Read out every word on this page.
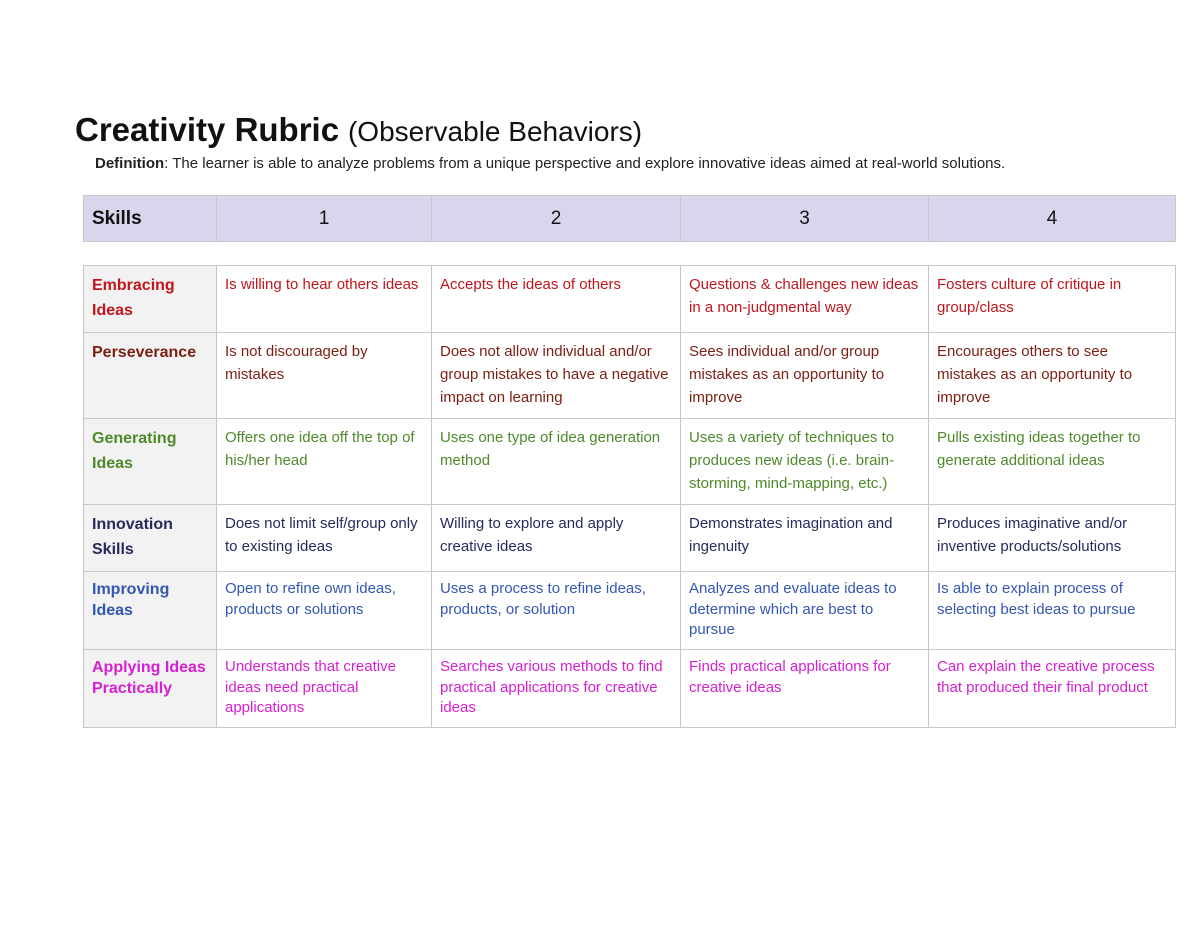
Creativity Rubric (Observable Behaviors)
Definition: The learner is able to analyze problems from a unique perspective and explore innovative ideas aimed at real-world solutions.
Skills	1	2	3	4
Embracing Ideas	Is willing to hear others ideas	Accepts the ideas of others	Questions & challenges new ideas in a non-judgmental way	Fosters culture of critique in group/class
Perseverance	Is not discouraged by mistakes	Does not allow individual and/or group mistakes to have a negative impact on learning	Sees individual and/or group mistakes as an opportunity to improve	Encourages others to see mistakes as an opportunity to improve
Generating Ideas	Offers one idea off the top of his/her head	Uses one type of idea generation method	Uses a variety of techniques to produces new ideas (i.e. brain-storming, mind-mapping, etc.)	Pulls existing ideas together to generate additional ideas
Innovation Skills	Does not limit self/group only to existing ideas	Willing to explore and apply creative ideas	Demonstrates imagination and ingenuity	Produces imaginative and/or inventive products/solutions
Improving Ideas	Open to refine own ideas, products or solutions	Uses a process to refine ideas, products, or solution	Analyzes and evaluate ideas to determine which are best to pursue	Is able to explain process of selecting best ideas to pursue
Applying Ideas Practically	Understands that creative ideas need practical applications	Searches various methods to find practical applications for creative ideas	Finds practical applications for creative ideas	Can explain the creative process that produced their final product
